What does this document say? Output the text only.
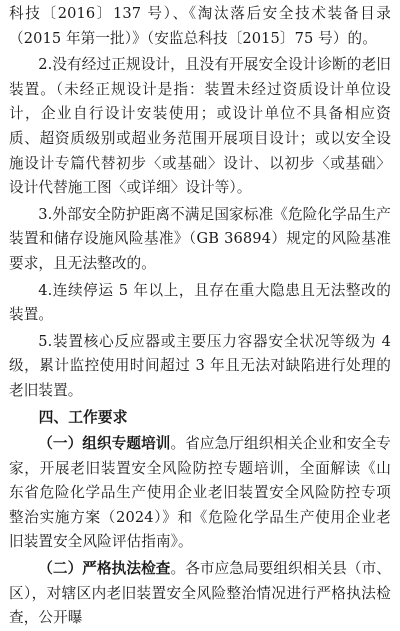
科技〔2016〕137 号）、《淘汰落后安全技术装备目录（2015 年第一批）》（安监总科技〔2015〕75 号）的。

2.没有经过正规设计，且没有开展安全设计诊断的老旧装置。（未经正规设计是指：装置未经过资质设计单位设计，企业自行设计安装使用；或设计单位不具备相应资质、超资质级别或超业务范围开展项目设计；或以安全设施设计专篇代替初步〈或基础〉设计、以初步〈或基础〉设计代替施工图〈或详细〉设计等）。

3.外部安全防护距离不满足国家标准《危险化学品生产装置和储存设施风险基准》（GB 36894）规定的风险基准要求，且无法整改的。

4.连续停运 5 年以上，且存在重大隐患且无法整改的装置。

5.装置核心反应器或主要压力容器安全状况等级为 4 级，累计监控使用时间超过 3 年且无法对缺陷进行处理的老旧装置。

四、工作要求

（一）组织专题培训。省应急厅组织相关企业和安全专家，开展老旧装置安全风险防控专题培训，全面解读《山东省危险化学品生产使用企业老旧装置安全风险防控专项整治实施方案（2024）》和《危险化学品生产使用企业老旧装置安全风险评估指南》。

（二）严格执法检查。各市应急局要组织相关县（市、区），对辖区内老旧装置安全风险整治情况进行严格执法检查，公开曝
